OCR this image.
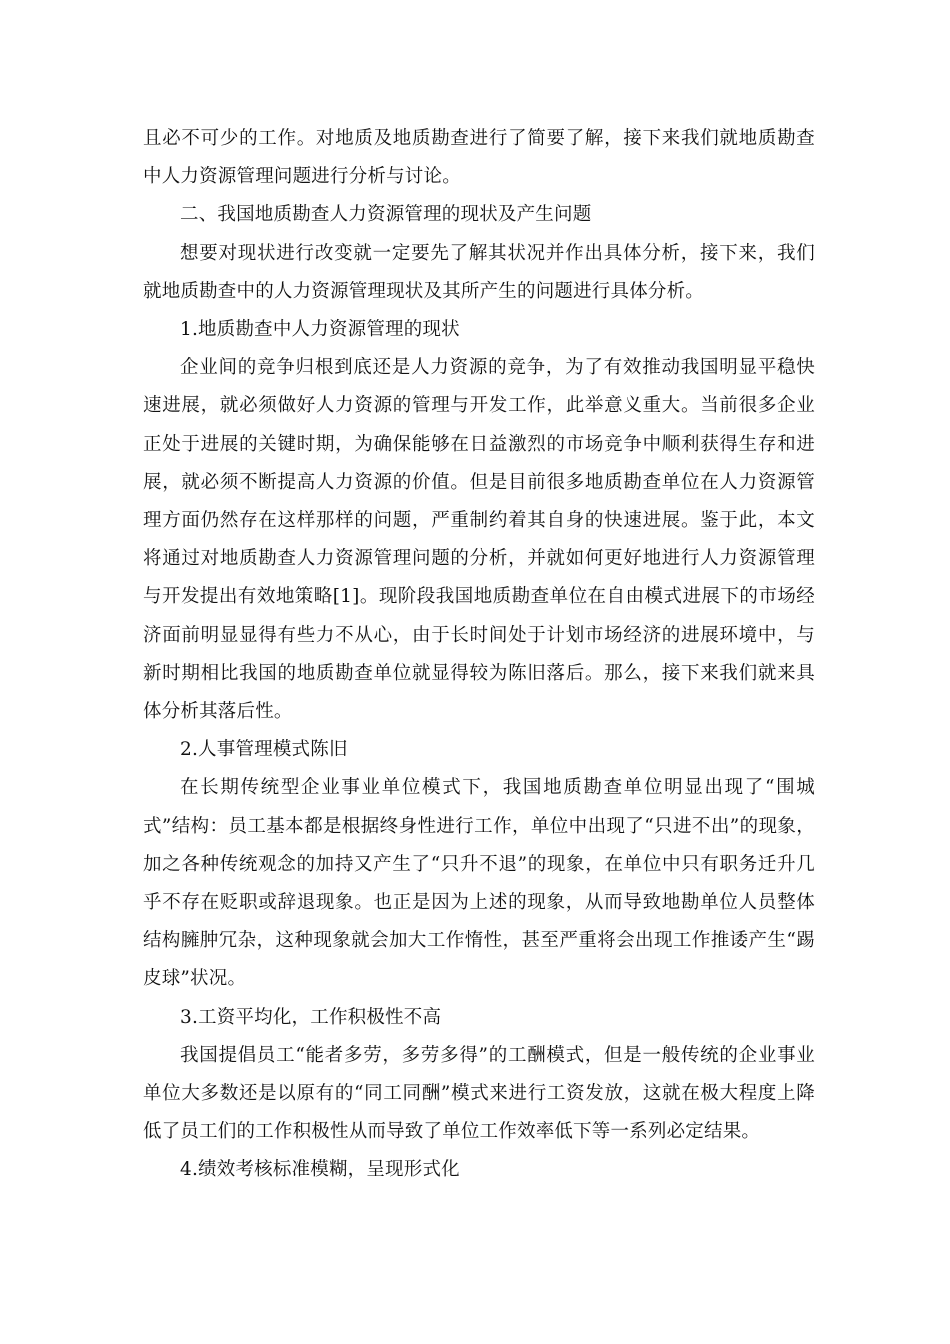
且必不可少的工作。对地质及地质勘查进行了简要了解，接下来我们就地质勘查中人力资源管理问题进行分析与讨论。

二、我国地质勘查人力资源管理的现状及产生问题

想要对现状进行改变就一定要先了解其状况并作出具体分析，接下来，我们就地质勘查中的人力资源管理现状及其所产生的问题进行具体分析。

1.地质勘查中人力资源管理的现状

企业间的竞争归根到底还是人力资源的竞争，为了有效推动我国明显平稳快速进展，就必须做好人力资源的管理与开发工作，此举意义重大。当前很多企业正处于进展的关键时期，为确保能够在日益激烈的市场竞争中顺利获得生存和进展，就必须不断提高人力资源的价值。但是目前很多地质勘查单位在人力资源管理方面仍然存在这样那样的问题，严重制约着其自身的快速进展。鉴于此，本文将通过对地质勘查人力资源管理问题的分析，并就如何更好地进行人力资源管理与开发提出有效地策略[1]。现阶段我国地质勘查单位在自由模式进展下的市场经济面前明显显得有些力不从心，由于长时间处于计划市场经济的进展环境中，与新时期相比我国的地质勘查单位就显得较为陈旧落后。那么，接下来我们就来具体分析其落后性。

2.人事管理模式陈旧

在长期传统型企业事业单位模式下，我国地质勘查单位明显出现了“围城式”结构：员工基本都是根据终身性进行工作，单位中出现了“只进不出”的现象，加之各种传统观念的加持又产生了“只升不退”的现象，在单位中只有职务迁升几乎不存在贬职或辞退现象。也正是因为上述的现象，从而导致地勘单位人员整体结构臃肿冗杂，这种现象就会加大工作惰性，甚至严重将会出现工作推诿产生“踢皮球”状况。

3.工资平均化，工作积极性不高

我国提倡员工“能者多劳，多劳多得”的工酬模式，但是一般传统的企业事业单位大多数还是以原有的“同工同酬”模式来进行工资发放，这就在极大程度上降低了员工们的工作积极性从而导致了单位工作效率低下等一系列必定结果。

4.绩效考核标准模糊，呈现形式化
